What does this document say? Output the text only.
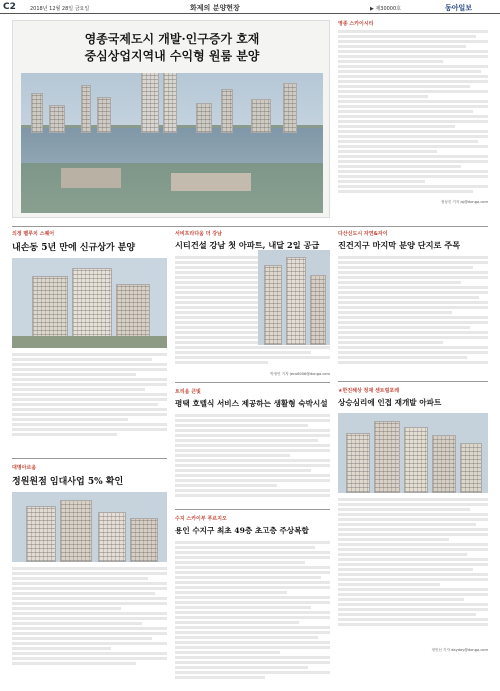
C2	2018년 12월 28일 금요일	화제의 분양현장	▶ 제30000호	동아일보
영종국제도시 개발·인구증가 호재
중심상업지역내 수익형 원룸 분양
영종 스카이시티
정성진 기자 jsj@donga.com
의정 벨루치 스퀘어
내손동 5년 만에 신규상가 분양
대명아르움
정원원점 임대사업 5% 확인
서비프라다움 더 강남
시티건설 강남 첫 아파트, 내달 2일 공급
박정민 기자 jeco8006@donga.com
트리움 큰빛
평택 호텔식 서비스 제공하는 생활형 숙박시설
수지 스카이부 푸르지오
용인 수지구 최초 49층 초고층 주상복합
다산신도시 자연&자이
진건지구 마지막 분양 단지로 주목
★한진해상 정재 센트럴포레
상승심리에 인접 재개발 아파트
정민선 기자 dayday@donga.com
